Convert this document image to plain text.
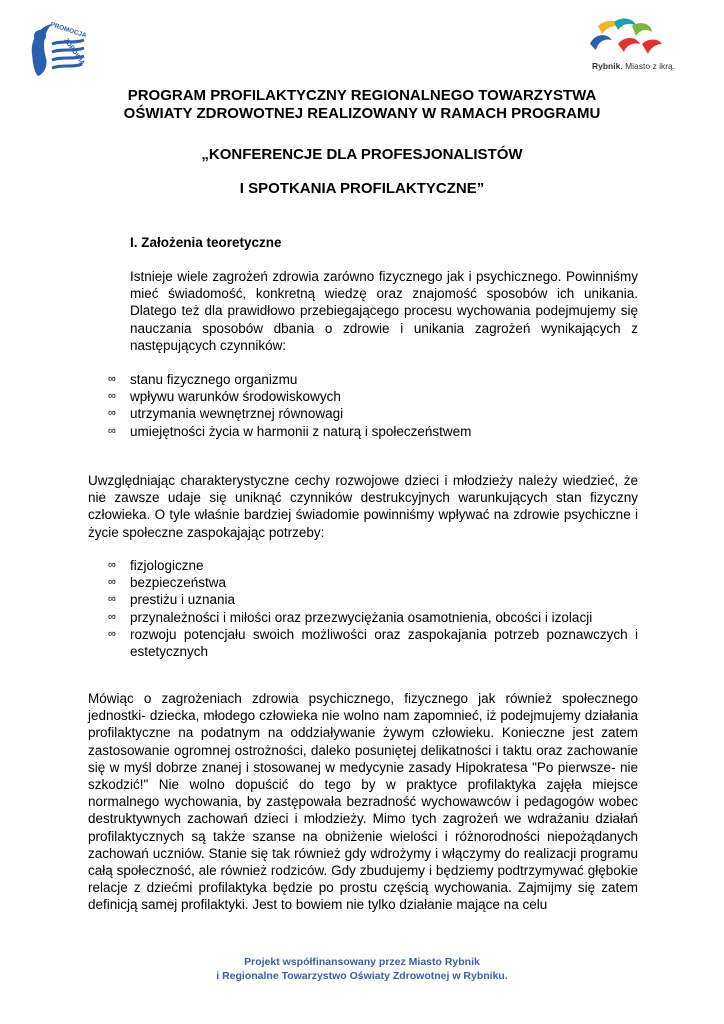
PROMOCJA
ZDROWIA	Rybnik. Miasto z ikrą.
PROGRAM PROFILAKTYCZNY REGIONALNEGO TOWARZYSTWA
OŚWIATY ZDROWOTNEJ REALIZOWANY W RAMACH PROGRAMU
„KONFERENCJE DLA PROFESJONALISTÓW
I SPOTKANIA PROFILAKTYCZNE”
I. Założenia teoretyczne
Istnieje wiele zagrożeń zdrowia zarówno fizycznego jak i psychicznego. Powinniśmy mieć świadomość, konkretną wiedzę oraz znajomość sposobów ich unikania. Dlatego też dla prawidłowo przebiegającego procesu wychowania podejmujemy się nauczania sposobów dbania o zdrowie i unikania zagrożeń wynikających z następujących czynników:
∞ stanu fizycznego organizmu
∞ wpływu warunków środowiskowych
∞ utrzymania wewnętrznej równowagi
∞ umiejętności życia w harmonii z naturą i społeczeństwem
Uwzględniając charakterystyczne cechy rozwojowe dzieci i młodzieży należy wiedzieć, że nie zawsze udaje się uniknąć czynników destrukcyjnych warunkujących stan fizyczny człowieka. O tyle właśnie bardziej świadomie powinniśmy wpływać na zdrowie psychiczne i życie społeczne zaspokajając potrzeby:
∞ fizjologiczne
∞ bezpieczeństwa
∞ prestiżu i uznania
∞ przynależności i miłości oraz przezwyciężania osamotnienia, obcości i izolacji
∞ rozwoju potencjału swoich możliwości oraz zaspokajania potrzeb poznawczych i estetycznych
Mówiąc o zagrożeniach zdrowia psychicznego, fizycznego jak również społecznego jednostki- dziecka, młodego człowieka nie wolno nam zapomnieć, iż podejmujemy działania profilaktyczne na podatnym na oddziaływanie żywym człowieku. Konieczne jest zatem zastosowanie ogromnej ostrożności, daleko posuniętej delikatności i taktu oraz zachowanie się w myśl dobrze znanej i stosowanej w medycynie zasady Hipokratesa "Po pierwsze- nie szkodzić!" Nie wolno dopuścić do tego by w praktyce profilaktyka zajęła miejsce normalnego wychowania, by zastępowała bezradność wychowawców i pedagogów wobec destruktywnych zachowań dzieci i młodzieży. Mimo tych zagrożeń we wdrażaniu działań profilaktycznych są także szanse na obniżenie wielości i różnorodności niepożądanych zachowań uczniów. Stanie się tak również gdy wdrożymy i włączymy do realizacji programu całą społeczność, ale również rodziców. Gdy zbudujemy i będziemy podtrzymywać głębokie relacje z dziećmi profilaktyka będzie po prostu częścią wychowania. Zajmijmy się zatem definicją samej profilaktyki. Jest to bowiem nie tylko działanie mające na celu
Projekt współfinansowany przez Miasto Rybnik
i Regionalne Towarzystwo Oświaty Zdrowotnej w Rybniku.
